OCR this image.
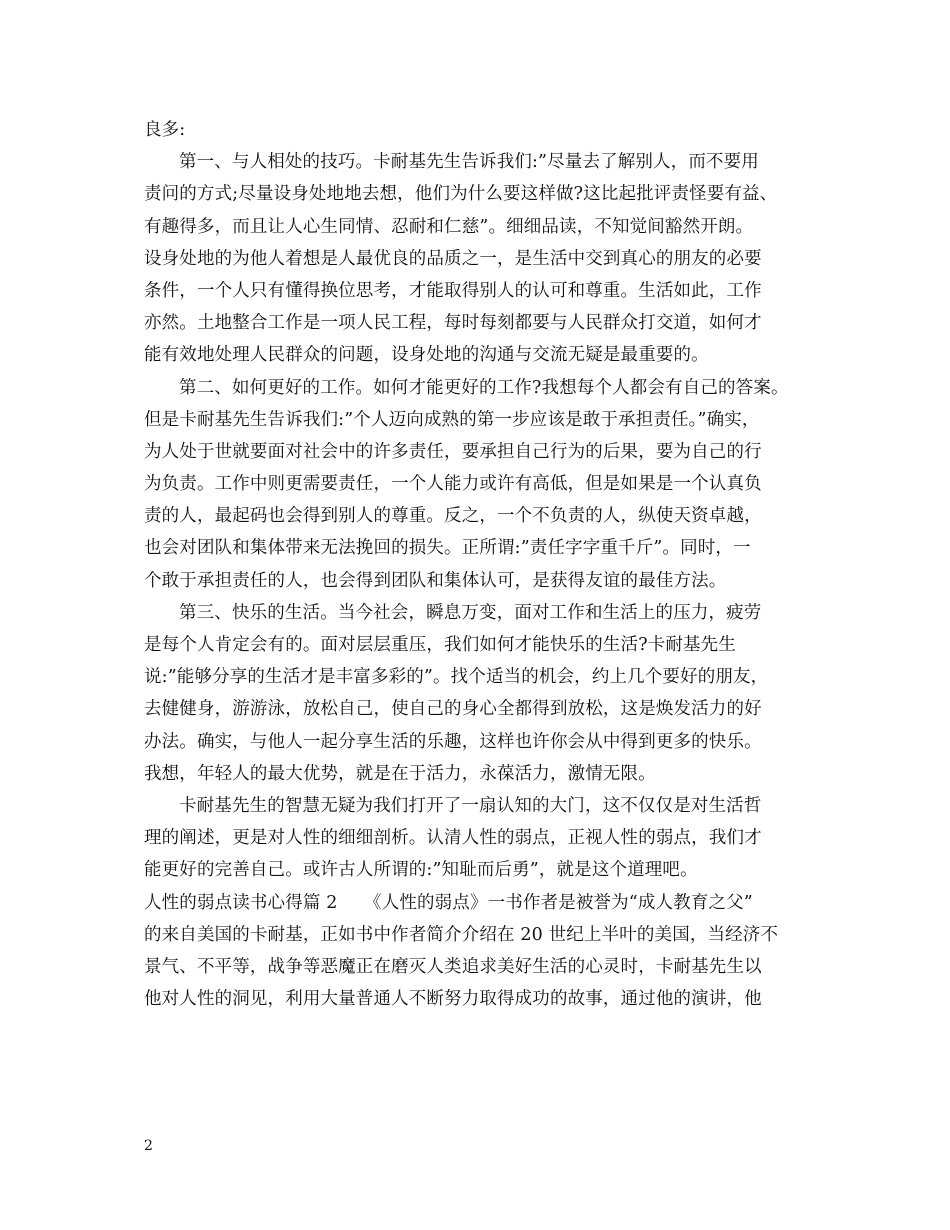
良多:
第一、与人相处的技巧。卡耐基先生告诉我们:”尽量去了解别人，而不要用
责问的方式;尽量设身处地地去想，他们为什么要这样做?这比起批评责怪要有益、
有趣得多，而且让人心生同情、忍耐和仁慈”。细细品读，不知觉间豁然开朗。
设身处地的为他人着想是人最优良的品质之一，是生活中交到真心的朋友的必要
条件，一个人只有懂得换位思考，才能取得别人的认可和尊重。生活如此，工作
亦然。土地整合工作是一项人民工程，每时每刻都要与人民群众打交道，如何才
能有效地处理人民群众的问题，设身处地的沟通与交流无疑是最重要的。
第二、如何更好的工作。如何才能更好的工作?我想每个人都会有自己的答案。
但是卡耐基先生告诉我们:”个人迈向成熟的第一步应该是敢于承担责任。”确实，
为人处于世就要面对社会中的许多责任，要承担自己行为的后果，要为自己的行
为负责。工作中则更需要责任，一个人能力或许有高低，但是如果是一个认真负
责的人，最起码也会得到别人的尊重。反之，一个不负责的人，纵使天资卓越，
也会对团队和集体带来无法挽回的损失。正所谓:”责任字字重千斤”。同时，一
个敢于承担责任的人，也会得到团队和集体认可，是获得友谊的最佳方法。
第三、快乐的生活。当今社会，瞬息万变，面对工作和生活上的压力，疲劳
是每个人肯定会有的。面对层层重压，我们如何才能快乐的生活?卡耐基先生
说:”能够分享的生活才是丰富多彩的”。找个适当的机会，约上几个要好的朋友，
去健健身，游游泳，放松自己，使自己的身心全都得到放松，这是焕发活力的好
办法。确实，与他人一起分享生活的乐趣，这样也许你会从中得到更多的快乐。
我想，年轻人的最大优势，就是在于活力，永葆活力，激情无限。
卡耐基先生的智慧无疑为我们打开了一扇认知的大门，这不仅仅是对生活哲
理的阐述，更是对人性的细细剖析。认清人性的弱点，正视人性的弱点，我们才
能更好的完善自己。或许古人所谓的:”知耻而后勇”，就是这个道理吧。
人性的弱点读书心得篇 2　　《人性的弱点》一书作者是被誉为“成人教育之父”
的来自美国的卡耐基，正如书中作者简介介绍在 20 世纪上半叶的美国，当经济不
景气、不平等，战争等恶魔正在磨灭人类追求美好生活的心灵时，卡耐基先生以
他对人性的洞见，利用大量普通人不断努力取得成功的故事，通过他的演讲，他
2
